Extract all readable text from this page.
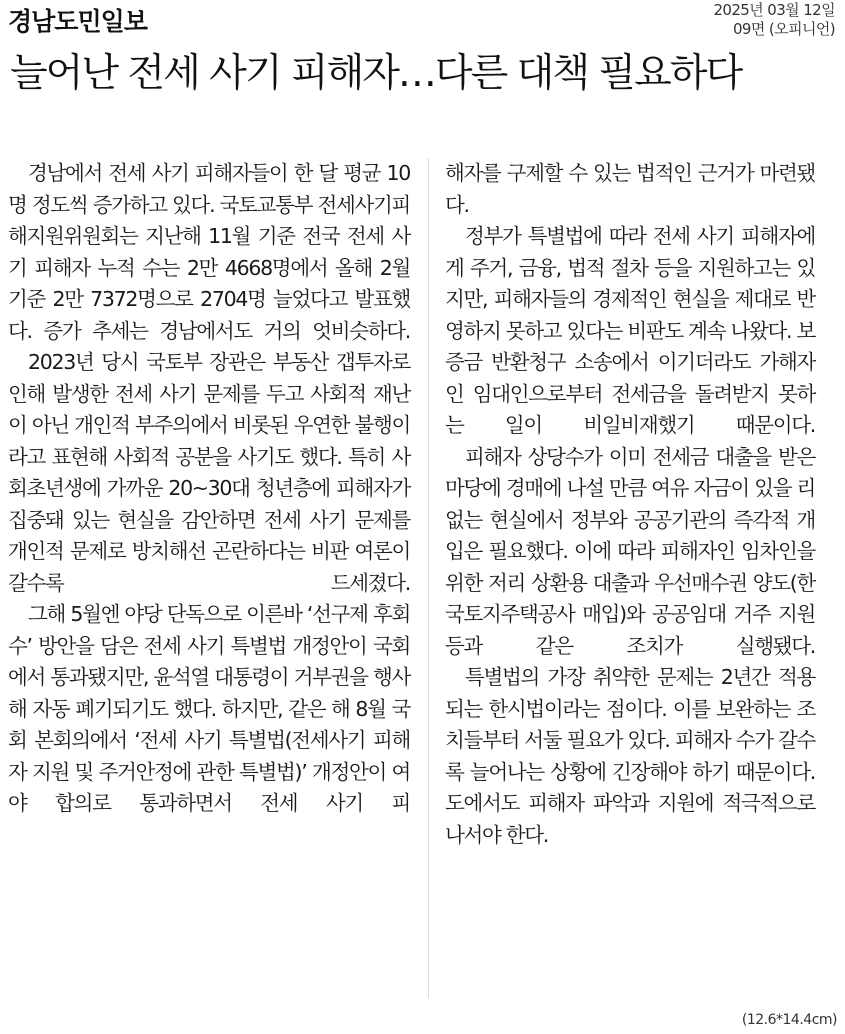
경남도민일보	2025년 03월 12일
09면 (오피니언)
늘어난 전세 사기 피해자…다른 대책 필요하다

경남에서 전세 사기 피해자들이 한 달 평균 10명 정도씩 증가하고 있다. 국토교통부 전세사기피해지원위원회는 지난해 11월 기준 전국 전세 사기 피해자 누적 수는 2만 4668명에서 올해 2월 기준 2만 7372명으로 2704명 늘었다고 발표했다. 증가 추세는 경남에서도 거의 엇비슷하다.

2023년 당시 국토부 장관은 부동산 갭투자로 인해 발생한 전세 사기 문제를 두고 사회적 재난이 아닌 개인적 부주의에서 비롯된 우연한 불행이라고 표현해 사회적 공분을 사기도 했다. 특히 사회초년생에 가까운 20~30대 청년층에 피해자가 집중돼 있는 현실을 감안하면 전세 사기 문제를 개인적 문제로 방치해선 곤란하다는 비판 여론이 갈수록 드세졌다.

그해 5월엔 야당 단독으로 이른바 ‘선구제 후회수’ 방안을 담은 전세 사기 특별법 개정안이 국회에서 통과됐지만, 윤석열 대통령이 거부권을 행사해 자동 폐기되기도 했다. 하지만, 같은 해 8월 국회 본회의에서 ‘전세 사기 특별법(전세사기 피해자 지원 및 주거안정에 관한 특별법)’ 개정안이 여야 합의로 통과하면서 전세 사기 피

해자를 구제할 수 있는 법적인 근거가 마련됐다.

정부가 특별법에 따라 전세 사기 피해자에게 주거, 금융, 법적 절차 등을 지원하고는 있지만, 피해자들의 경제적인 현실을 제대로 반영하지 못하고 있다는 비판도 계속 나왔다. 보증금 반환청구 소송에서 이기더라도 가해자인 임대인으로부터 전세금을 돌려받지 못하는 일이 비일비재했기 때문이다.

피해자 상당수가 이미 전세금 대출을 받은 마당에 경매에 나설 만큼 여유 자금이 있을 리 없는 현실에서 정부와 공공기관의 즉각적 개입은 필요했다. 이에 따라 피해자인 임차인을 위한 저리 상환용 대출과 우선매수권 양도(한국토지주택공사 매입)와 공공임대 거주 지원 등과 같은 조치가 실행됐다.

특별법의 가장 취약한 문제는 2년간 적용되는 한시법이라는 점이다. 이를 보완하는 조치들부터 서둘 필요가 있다. 피해자 수가 갈수록 늘어나는 상황에 긴장해야 하기 때문이다. 도에서도 피해자 파악과 지원에 적극적으로 나서야 한다.

(12.6*14.4cm)
